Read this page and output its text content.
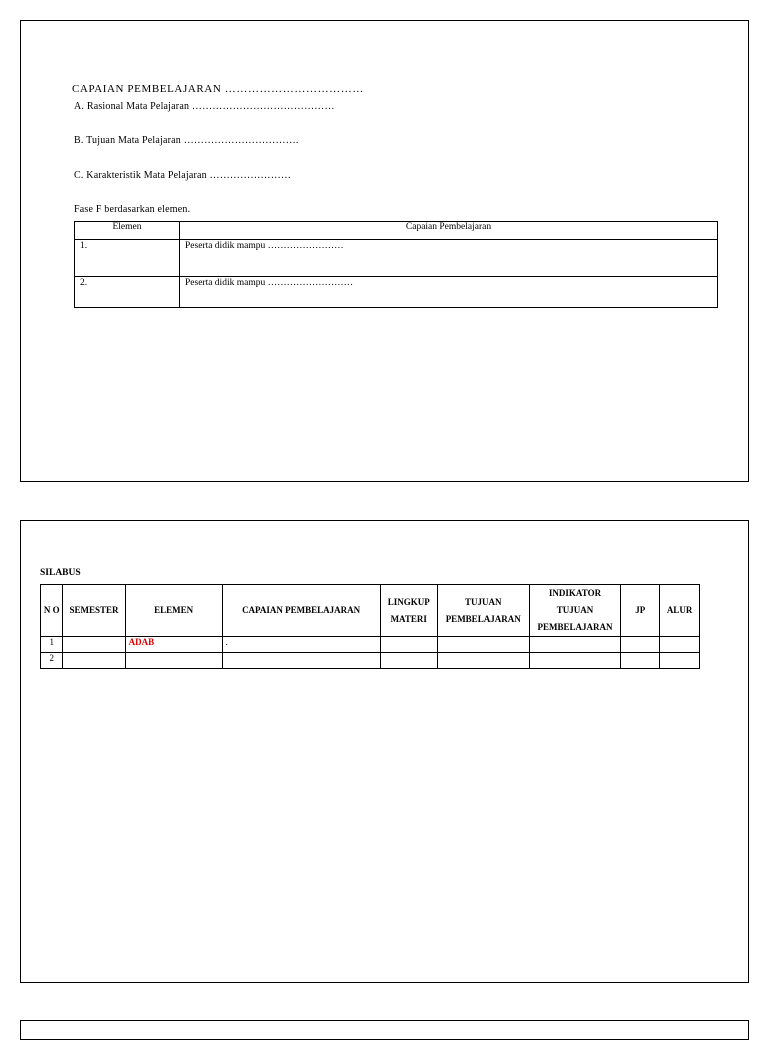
CAPAIAN PEMBELAJARAN ………………………………
A. Rasional Mata Pelajaran ……………………………………
B. Tujuan Mata Pelajaran …………………………….
C. Karakteristik Mata Pelajaran ……………………
Fase F berdasarkan elemen.
Elemen	Capaian Pembelajaran
1.	Peserta didik mampu ……………………
2.	Peserta didik mampu ………………………
SILABUS
N O	SEMESTER	ELEMEN	CAPAIAN PEMBELAJARAN	LINGKUP MATERI	TUJUAN PEMBELAJARAN	INDIKATOR TUJUAN PEMBELAJARAN	JP	ALUR
1		ADAB	.					
2								
